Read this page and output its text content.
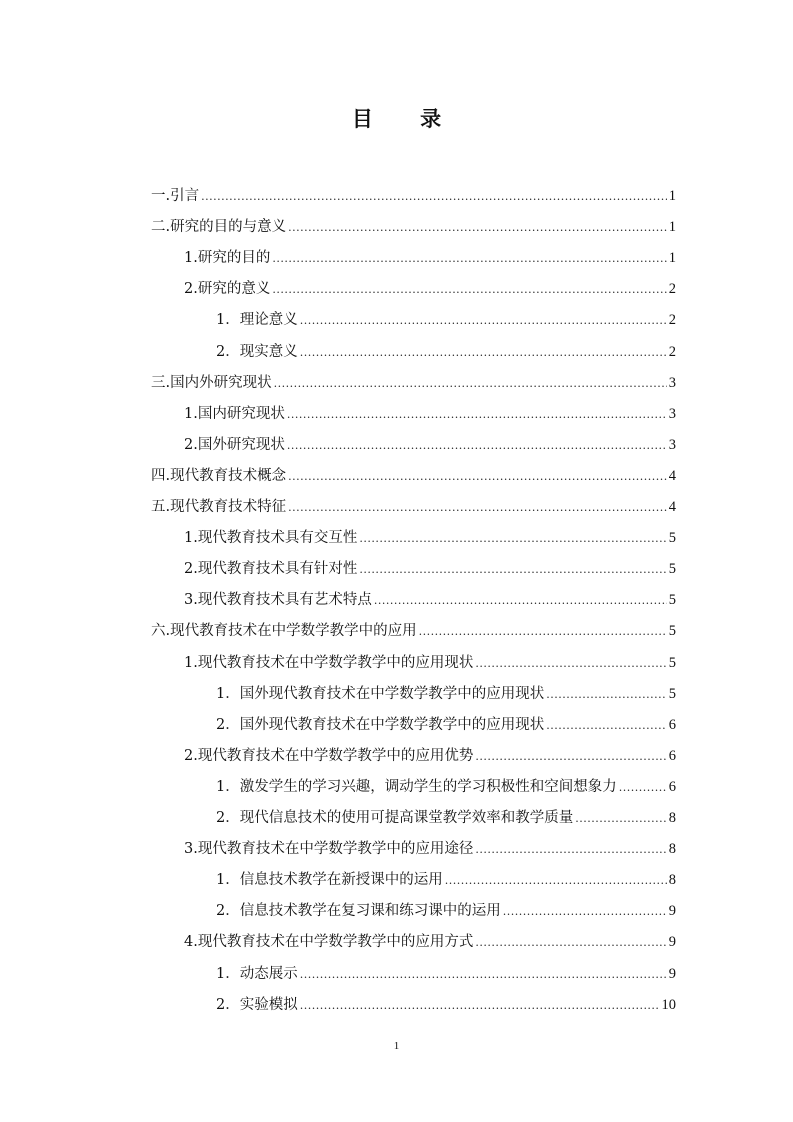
目 录
一. 引言 .....	1
二. 研究的目的与意义 .....	1
1. 研究的目的 .....	1
2. 研究的意义 .....	2
1． 理论意义 .....	2
2． 现实意义 .....	2
三. 国内外研究现状 .....	3
1. 国内研究现状 .....	3
2. 国外研究现状 .....	3
四. 现代教育技术概念 .....	4
五. 现代教育技术特征 .....	4
1. 现代教育技术具有交互性 .....	5
2. 现代教育技术具有针对性 .....	5
3. 现代教育技术具有艺术特点 .....	5
六. 现代教育技术在中学数学教学中的应用 .....	5
1. 现代教育技术在中学数学教学中的应用现状 .....	5
1． 国外现代教育技术在中学数学教学中的应用现状 .....	5
2． 国外现代教育技术在中学数学教学中的应用现状 .....	6
2. 现代教育技术在中学数学教学中的应用优势 .....	6
1． 激发学生的学习兴趣，调动学生的学习积极性和空间想象力 .....	6
2． 现代信息技术的使用可提高课堂教学效率和教学质量 .....	8
3. 现代教育技术在中学数学教学中的应用途径 .....	8
1． 信息技术教学在新授课中的运用 .....	8
2． 信息技术教学在复习课和练习课中的运用 .....	9
4. 现代教育技术在中学数学教学中的应用方式 .....	9
1． 动态展示 .....	9
2． 实验模拟 .....	10
1
